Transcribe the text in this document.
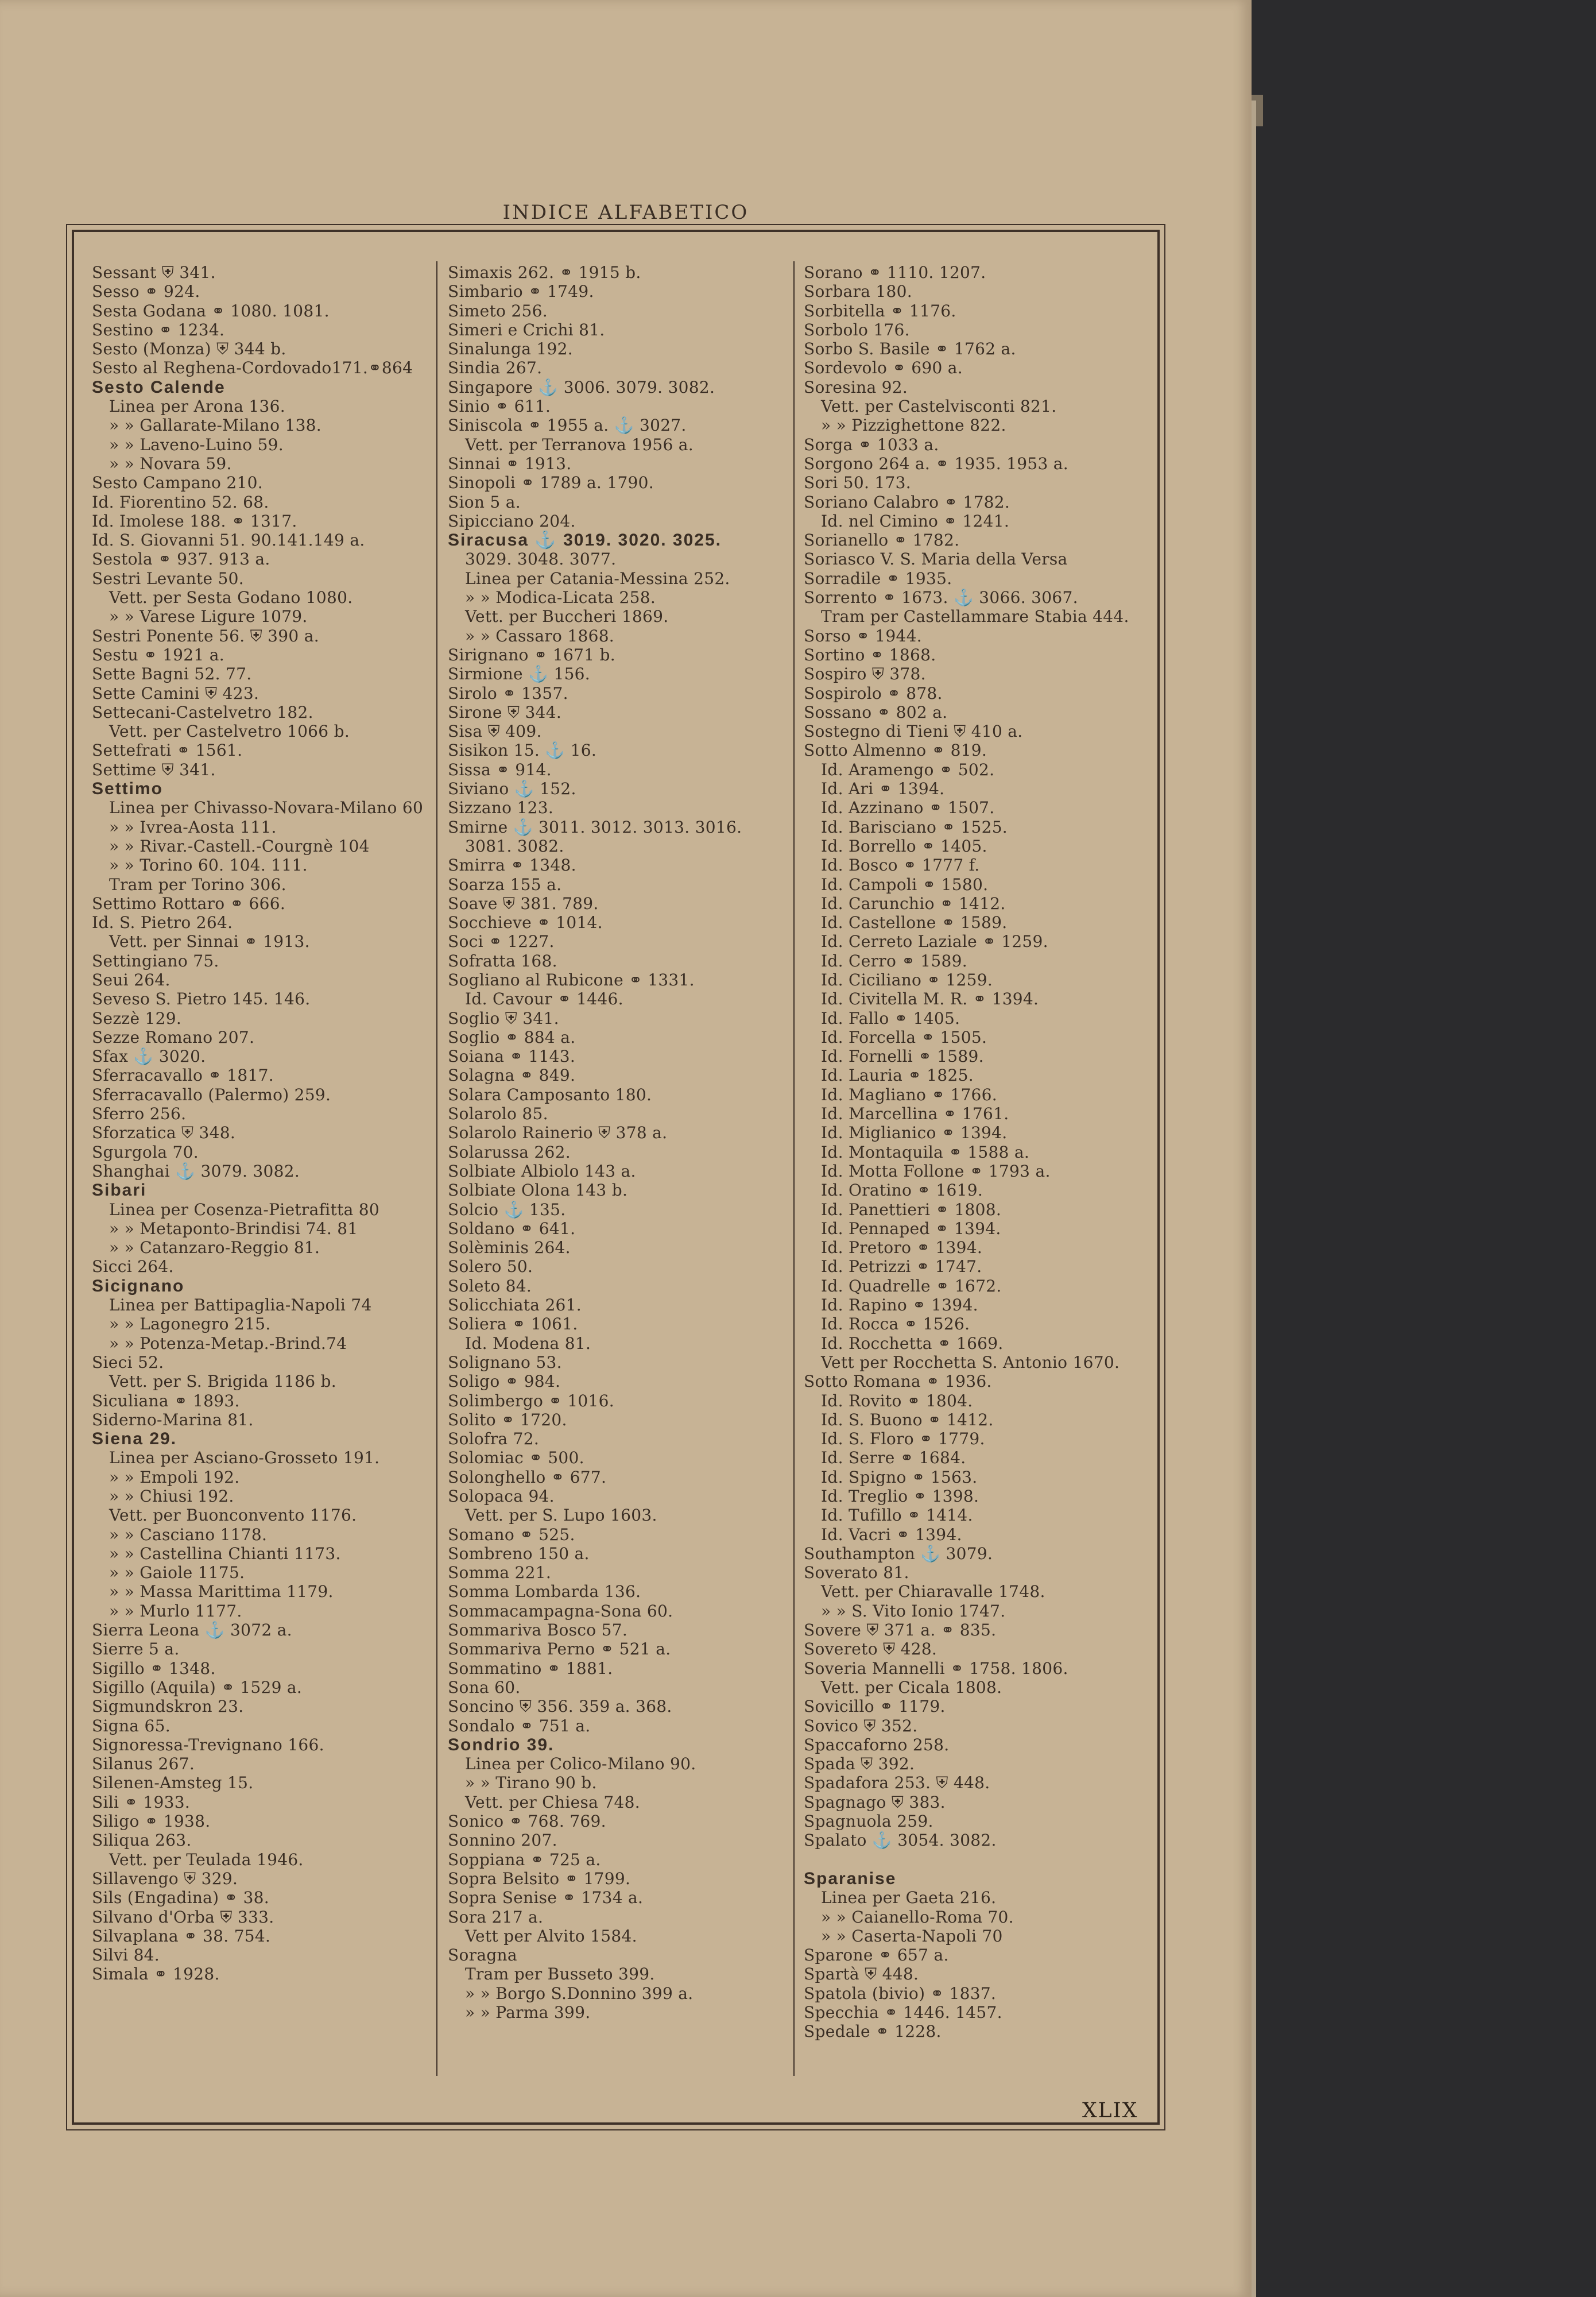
INDICE ALFABETICO
Sessant ⛨ 341.
Sesso ⚭ 924.
Sesta Godana ⚭ 1080. 1081.
Sestino ⚭ 1234.
Sesto (Monza) ⛨ 344 b.
Sesto al Reghena-Cordovado171.⚭864
Sesto Calende
Linea per Arona 136.
» » Gallarate-Milano 138.
» » Laveno-Luino 59.
» » Novara 59.
Sesto Campano 210.
Id. Fiorentino 52. 68.
Id. Imolese 188. ⚭ 1317.
Id. S. Giovanni 51. 90.141.149 a.
Sestola ⚭ 937. 913 a.
Sestri Levante 50.
Vett. per Sesta Godano 1080.
» » Varese Ligure 1079.
Sestri Ponente 56. ⛨ 390 a.
Sestu ⚭ 1921 a.
Sette Bagni 52. 77.
Sette Camini ⛨ 423.
Settecani-Castelvetro 182.
Vett. per Castelvetro 1066 b.
Settefrati ⚭ 1561.
Settime ⛨ 341.
Settimo
Linea per Chivasso-Novara-Milano 60
» » Ivrea-Aosta 111.
» » Rivar.-Castell.-Courgnè 104
» » Torino 60. 104. 111.
Tram per Torino 306.
Settimo Rottaro ⚭ 666.
Id. S. Pietro 264.
Vett. per Sinnai ⚭ 1913.
Settingiano 75.
Seui 264.
Seveso S. Pietro 145. 146.
Sezzè 129.
Sezze Romano 207.
Sfax ⚓ 3020.
Sferracavallo ⚭ 1817.
Sferracavallo (Palermo) 259.
Sferro 256.
Sforzatica ⛨ 348.
Sgurgola 70.
Shanghai ⚓ 3079. 3082.
Sibari
Linea per Cosenza-Pietrafitta 80
» » Metaponto-Brindisi 74. 81
» » Catanzaro-Reggio 81.
Sicci 264.
Sicignano
Linea per Battipaglia-Napoli 74
» » Lagonegro 215.
» » Potenza-Metap.-Brind.74
Sieci 52.
Vett. per S. Brigida 1186 b.
Siculiana ⚭ 1893.
Siderno-Marina 81.
Siena 29.
Linea per Asciano-Grosseto 191.
» » Empoli 192.
» » Chiusi 192.
Vett. per Buonconvento 1176.
» » Casciano 1178.
» » Castellina Chianti 1173.
» » Gaiole 1175.
» » Massa Marittima 1179.
» » Murlo 1177.
Sierra Leona ⚓ 3072 a.
Sierre 5 a.
Sigillo ⚭ 1348.
Sigillo (Aquila) ⚭ 1529 a.
Sigmundskron 23.
Signa 65.
Signoressa-Trevignano 166.
Silanus 267.
Silenen-Amsteg 15.
Sili ⚭ 1933.
Siligo ⚭ 1938.
Siliqua 263.
Vett. per Teulada 1946.
Sillavengo ⛨ 329.
Sils (Engadina) ⚭ 38.
Silvano d'Orba ⛨ 333.
Silvaplana ⚭ 38. 754.
Silvi 84.
Simala ⚭ 1928.
Simaxis 262. ⚭ 1915 b.
Simbario ⚭ 1749.
Simeto 256.
Simeri e Crichi 81.
Sinalunga 192.
Sindia 267.
Singapore ⚓ 3006. 3079. 3082.
Sinio ⚭ 611.
Siniscola ⚭ 1955 a. ⚓ 3027.
Vett. per Terranova 1956 a.
Sinnai ⚭ 1913.
Sinopoli ⚭ 1789 a. 1790.
Sion 5 a.
Sipicciano 204.
Siracusa ⚓ 3019. 3020. 3025.
3029. 3048. 3077.
Linea per Catania-Messina 252.
» » Modica-Licata 258.
Vett. per Buccheri 1869.
» » Cassaro 1868.
Sirignano ⚭ 1671 b.
Sirmione ⚓ 156.
Sirolo ⚭ 1357.
Sirone ⛨ 344.
Sisa ⛨ 409.
Sisikon 15. ⚓ 16.
Sissa ⚭ 914.
Siviano ⚓ 152.
Sizzano 123.
Smirne ⚓ 3011. 3012. 3013. 3016.
3081. 3082.
Smirra ⚭ 1348.
Soarza 155 a.
Soave ⛨ 381. 789.
Socchieve ⚭ 1014.
Soci ⚭ 1227.
Sofratta 168.
Sogliano al Rubicone ⚭ 1331.
Id. Cavour ⚭ 1446.
Soglio ⛨ 341.
Soglio ⚭ 884 a.
Soiana ⚭ 1143.
Solagna ⚭ 849.
Solara Camposanto 180.
Solarolo 85.
Solarolo Rainerio ⛨ 378 a.
Solarussa 262.
Solbiate Albiolo 143 a.
Solbiate Olona 143 b.
Solcio ⚓ 135.
Soldano ⚭ 641.
Solèminis 264.
Solero 50.
Soleto 84.
Solicchiata 261.
Soliera ⚭ 1061.
Id. Modena 81.
Solignano 53.
Soligo ⚭ 984.
Solimbergo ⚭ 1016.
Solito ⚭ 1720.
Solofra 72.
Solomiac ⚭ 500.
Solonghello ⚭ 677.
Solopaca 94.
Vett. per S. Lupo 1603.
Somano ⚭ 525.
Sombreno 150 a.
Somma 221.
Somma Lombarda 136.
Sommacampagna-Sona 60.
Sommariva Bosco 57.
Sommariva Perno ⚭ 521 a.
Sommatino ⚭ 1881.
Sona 60.
Soncino ⛨ 356. 359 a. 368.
Sondalo ⚭ 751 a.
Sondrio 39.
Linea per Colico-Milano 90.
» » Tirano 90 b.
Vett. per Chiesa 748.
Sonico ⚭ 768. 769.
Sonnino 207.
Soppiana ⚭ 725 a.
Sopra Belsito ⚭ 1799.
Sopra Senise ⚭ 1734 a.
Sora 217 a.
Vett per Alvito 1584.
Soragna
Tram per Busseto 399.
» » Borgo S.Donnino 399 a.
» » Parma 399.
Sorano ⚭ 1110. 1207.
Sorbara 180.
Sorbitella ⚭ 1176.
Sorbolo 176.
Sorbo S. Basile ⚭ 1762 a.
Sordevolo ⚭ 690 a.
Soresina 92.
Vett. per Castelvisconti 821.
» » Pizzighettone 822.
Sorga ⚭ 1033 a.
Sorgono 264 a. ⚭ 1935. 1953 a.
Sori 50. 173.
Soriano Calabro ⚭ 1782.
Id. nel Cimino ⚭ 1241.
Sorianello ⚭ 1782.
Soriasco V. S. Maria della Versa
Sorradile ⚭ 1935.
Sorrento ⚭ 1673. ⚓ 3066. 3067.
Tram per Castellammare Stabia 444.
Sorso ⚭ 1944.
Sortino ⚭ 1868.
Sospiro ⛨ 378.
Sospirolo ⚭ 878.
Sossano ⚭ 802 a.
Sostegno di Tieni ⛨ 410 a.
Sotto Almenno ⚭ 819.
Id. Aramengo ⚭ 502.
Id. Ari ⚭ 1394.
Id. Azzinano ⚭ 1507.
Id. Barisciano ⚭ 1525.
Id. Borrello ⚭ 1405.
Id. Bosco ⚭ 1777 f.
Id. Campoli ⚭ 1580.
Id. Carunchio ⚭ 1412.
Id. Castellone ⚭ 1589.
Id. Cerreto Laziale ⚭ 1259.
Id. Cerro ⚭ 1589.
Id. Ciciliano ⚭ 1259.
Id. Civitella M. R. ⚭ 1394.
Id. Fallo ⚭ 1405.
Id. Forcella ⚭ 1505.
Id. Fornelli ⚭ 1589.
Id. Lauria ⚭ 1825.
Id. Magliano ⚭ 1766.
Id. Marcellina ⚭ 1761.
Id. Miglianico ⚭ 1394.
Id. Montaquila ⚭ 1588 a.
Id. Motta Follone ⚭ 1793 a.
Id. Oratino ⚭ 1619.
Id. Panettieri ⚭ 1808.
Id. Pennaped ⚭ 1394.
Id. Pretoro ⚭ 1394.
Id. Petrizzi ⚭ 1747.
Id. Quadrelle ⚭ 1672.
Id. Rapino ⚭ 1394.
Id. Rocca ⚭ 1526.
Id. Rocchetta ⚭ 1669.
Vett per Rocchetta S. Antonio 1670.
Sotto Romana ⚭ 1936.
Id. Rovito ⚭ 1804.
Id. S. Buono ⚭ 1412.
Id. S. Floro ⚭ 1779.
Id. Serre ⚭ 1684.
Id. Spigno ⚭ 1563.
Id. Treglio ⚭ 1398.
Id. Tufillo ⚭ 1414.
Id. Vacri ⚭ 1394.
Southampton ⚓ 3079.
Soverato 81.
Vett. per Chiaravalle 1748.
» » S. Vito Ionio 1747.
Sovere ⛨ 371 a. ⚭ 835.
Sovereto ⛨ 428.
Soveria Mannelli ⚭ 1758. 1806.
Vett. per Cicala 1808.
Sovicillo ⚭ 1179.
Sovico ⛨ 352.
Spaccaforno 258.
Spada ⛨ 392.
Spadafora 253. ⛨ 448.
Spagnago ⛨ 383.
Spagnuola 259.
Spalato ⚓ 3054. 3082.
Sparanise
Linea per Gaeta 216.
» » Caianello-Roma 70.
» » Caserta-Napoli 70
Sparone ⚭ 657 a.
Spartà ⛨ 448.
Spatola (bivio) ⚭ 1837.
Specchia ⚭ 1446. 1457.
Spedale ⚭ 1228.
XLIX
